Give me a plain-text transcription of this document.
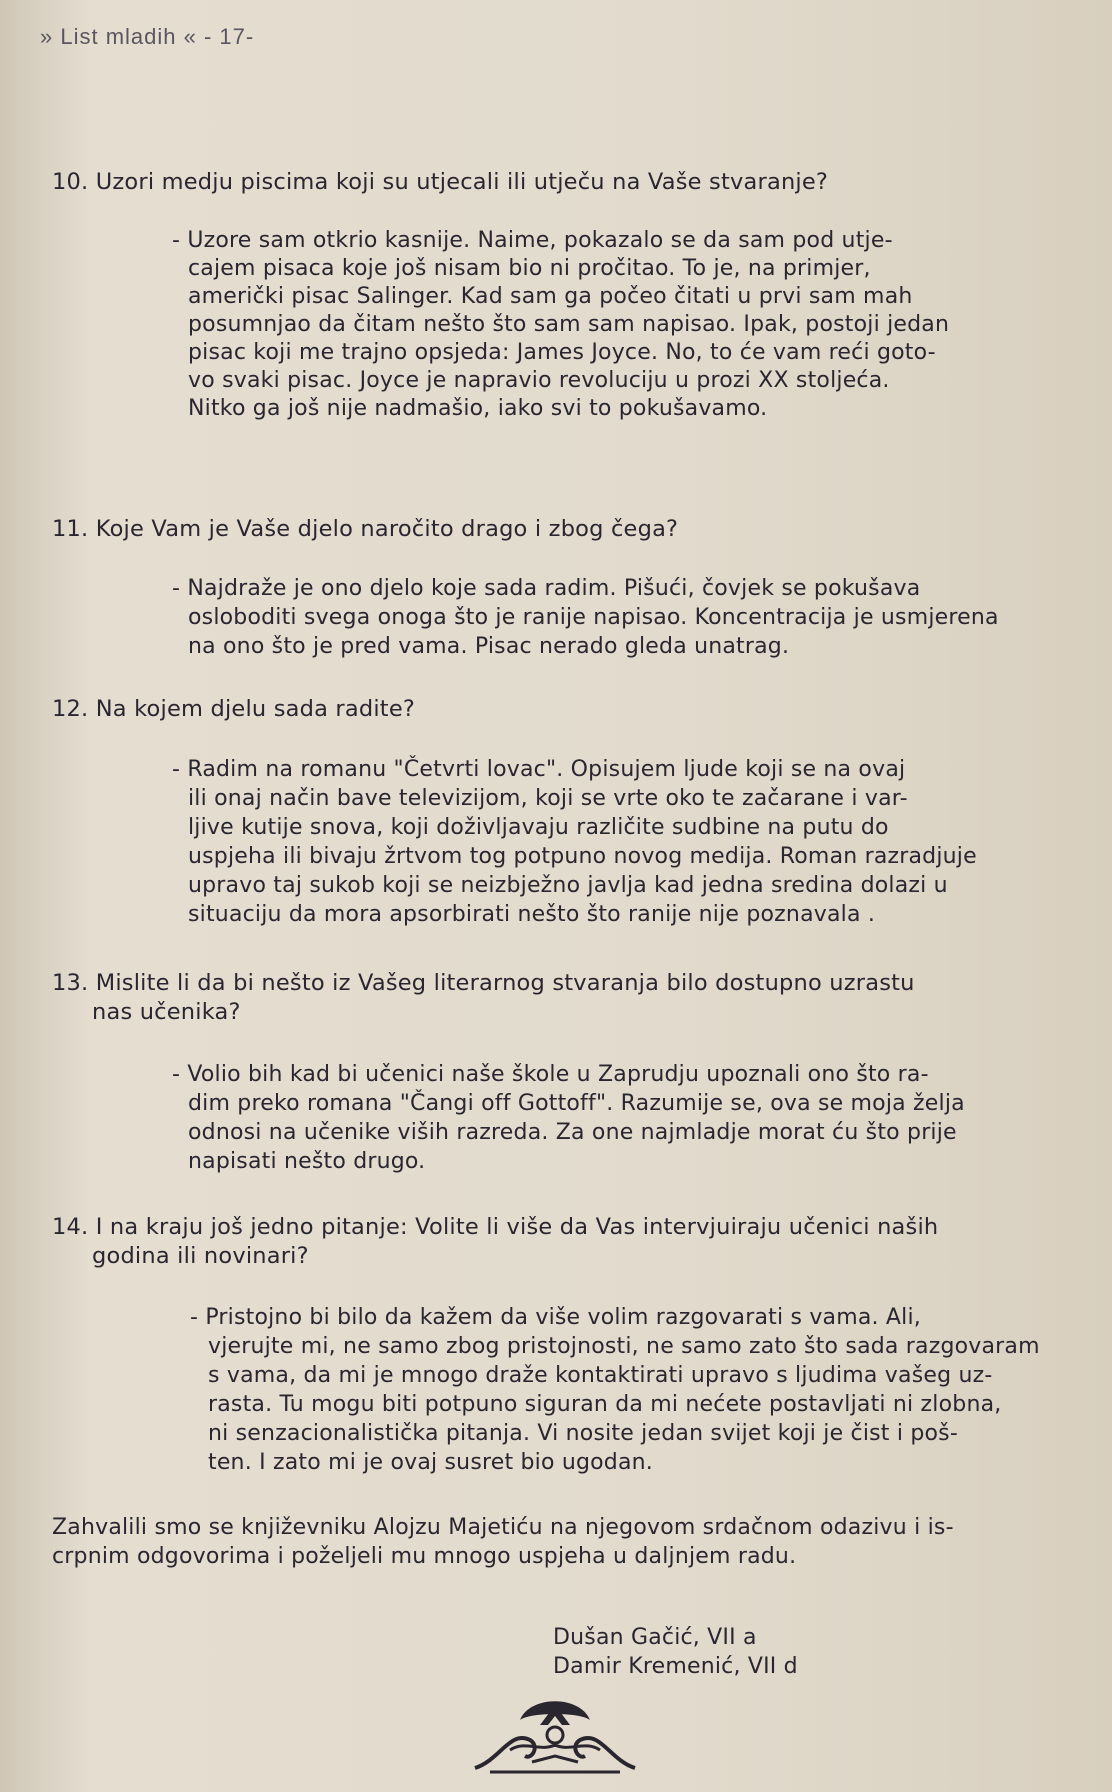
» List mladih « - 17-
10. Uzori medju piscima koji su utjecali ili utječu na Vaše stvaranje?
- Uzore sam otkrio kasnije. Naime, pokazalo se da sam pod utje-
cajem pisaca koje još nisam bio ni pročitao. To je, na primjer,
američki pisac Salinger. Kad sam ga počeo čitati u prvi sam mah
posumnjao da čitam nešto što sam sam napisao. Ipak, postoji jedan
pisac koji me trajno opsjeda: James Joyce. No, to će vam reći goto-
vo svaki pisac. Joyce je napravio revoluciju u prozi XX stoljeća.
Nitko ga još nije nadmašio, iako svi to pokušavamo.
11. Koje Vam je Vaše djelo naročito drago i zbog čega?
- Najdraže je ono djelo koje sada radim. Pišući, čovjek se pokušava
osloboditi svega onoga što je ranije napisao. Koncentracija je usmjerena
na ono što je pred vama. Pisac nerado gleda unatrag.
12. Na kojem djelu sada radite?
- Radim na romanu "Četvrti lovac". Opisujem ljude koji se na ovaj
ili onaj način bave televizijom, koji se vrte oko te začarane i var-
ljive kutije snova, koji doživljavaju različite sudbine na putu do
uspjeha ili bivaju žrtvom tog potpuno novog medija. Roman razradjuje
upravo taj sukob koji se neizbježno javlja kad jedna sredina dolazi u
situaciju da mora apsorbirati nešto što ranije nije poznavala .
13. Mislite li da bi nešto iz Vašeg literarnog stvaranja bilo dostupno uzrastu
nas učenika?
- Volio bih kad bi učenici naše škole u Zaprudju upoznali ono što ra-
dim preko romana "Čangi off Gottoff". Razumije se, ova se moja želja
odnosi na učenike viših razreda. Za one najmladje morat ću što prije
napisati nešto drugo.
14. I na kraju još jedno pitanje: Volite li više da Vas intervjuiraju učenici naših
godina ili novinari?
- Pristojno bi bilo da kažem da više volim razgovarati s vama. Ali,
vjerujte mi, ne samo zbog pristojnosti, ne samo zato što sada razgovaram
s vama, da mi je mnogo draže kontaktirati upravo s ljudima vašeg uz-
rasta. Tu mogu biti potpuno siguran da mi nećete postavljati ni zlobna,
ni senzacionalistička pitanja. Vi nosite jedan svijet koji je čist i poš-
ten. I zato mi je ovaj susret bio ugodan.
Zahvalili smo se književniku Alojzu Majetiću na njegovom srdačnom odazivu i is-
crpnim odgovorima i poželjeli mu mnogo uspjeha u daljnjem radu.
Dušan Gačić, VII a
Damir Kremenić, VII d
